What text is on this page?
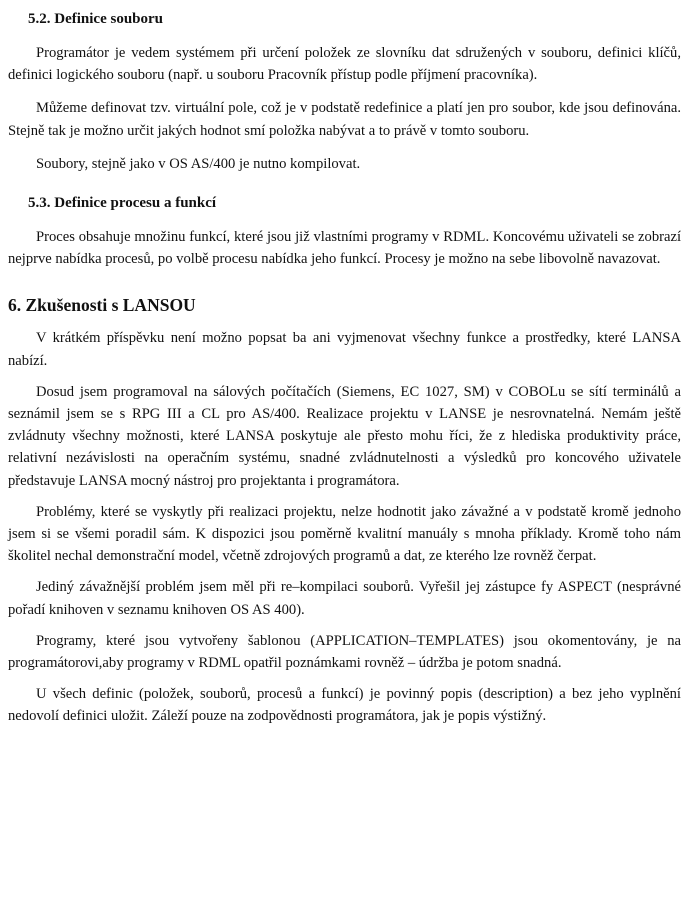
5.2. Definice souboru

Programátor je vedem systémem při určení položek ze slovníku dat sdružených v souboru, definici klíčů, definici logického souboru (např. u souboru Pracovník přístup podle příjmení pracovníka).

Můžeme definovat tzv. virtuální pole, což je v podstatě redefinice a platí jen pro soubor, kde jsou definována. Stejně tak je možno určit jakých hodnot smí položka nabývat a to právě v tomto souboru.

Soubory, stejně jako v OS AS/400 je nutno kompilovat.

5.3. Definice procesu a funkcí

Proces obsahuje množinu funkcí, které jsou již vlastními programy v RDML. Koncovému uživateli se zobrazí nejprve nabídka procesů, po volbě procesu nabídka jeho funkcí. Procesy je možno na sebe libovolně navazovat.

6. Zkušenosti s LANSOU

V krátkém příspěvku není možno popsat ba ani vyjmenovat všechny funkce a prostředky, které LANSA nabízí.

Dosud jsem programoval na sálových počítačích (Siemens, EC 1027, SM) v COBOLu se sítí terminálů a seznámil jsem se s RPG III a CL pro AS/400. Realizace projektu v LANSE je nesrovnatelná. Nemám ještě zvládnuty všechny možnosti, které LANSA poskytuje ale přesto mohu říci, že z hlediska produktivity práce, relativní nezávislosti na operačním systému, snadné zvládnutelnosti a výsledků pro koncového uživatele představuje LANSA mocný nástroj pro projektanta i programátora.

Problémy, které se vyskytly při realizaci projektu, nelze hodnotit jako závažné a v podstatě kromě jednoho jsem si se všemi poradil sám. K dispozici jsou poměrně kvalitní manuály s mnoha příklady. Kromě toho nám školitel nechal demonstrační model, včetně zdrojových programů a dat, ze kterého lze rovněž čerpat.

Jediný závažnější problém jsem měl při re–kompilaci souborů. Vyřešil jej zástupce fy ASPECT (nesprávné pořadí knihoven v seznamu knihoven OS AS 400).

Programy, které jsou vytvořeny šablonou (APPLICATION–TEMPLATES) jsou okomentovány, je na programátorovi,aby programy v RDML opatřil poznámkami rovněž – údržba je potom snadná.

U všech definic (položek, souborů, procesů a funkcí) je povinný popis (description) a bez jeho vyplnění nedovolí definici uložit. Záleží pouze na zodpovědnosti programátora, jak je popis výstižný.
